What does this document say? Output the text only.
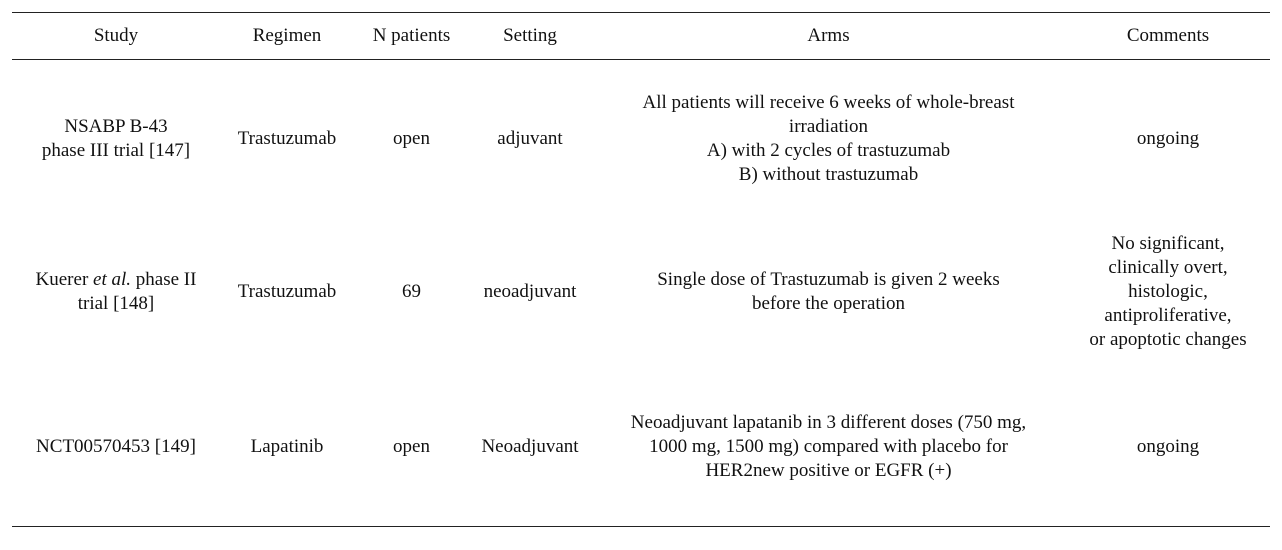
Study	Regimen	N patients	Setting	Arms	Comments

NSABP B-43
phase III trial [147]	Trastuzumab	open	adjuvant	All patients will receive 6 weeks of whole-breast
irradiation
A) with 2 cycles of trastuzumab
B) without trastuzumab	ongoing

Kuerer et al. phase II
trial [148]	Trastuzumab	69	neoadjuvant	Single dose of Trastuzumab is given 2 weeks
before the operation	No significant,
clinically overt,
histologic,
antiproliferative,
or apoptotic changes

NCT00570453 [149]	Lapatinib	open	Neoadjuvant	Neoadjuvant lapatanib in 3 different doses (750 mg,
1000 mg, 1500 mg) compared with placebo for
HER2new positive or EGFR (+)	ongoing
